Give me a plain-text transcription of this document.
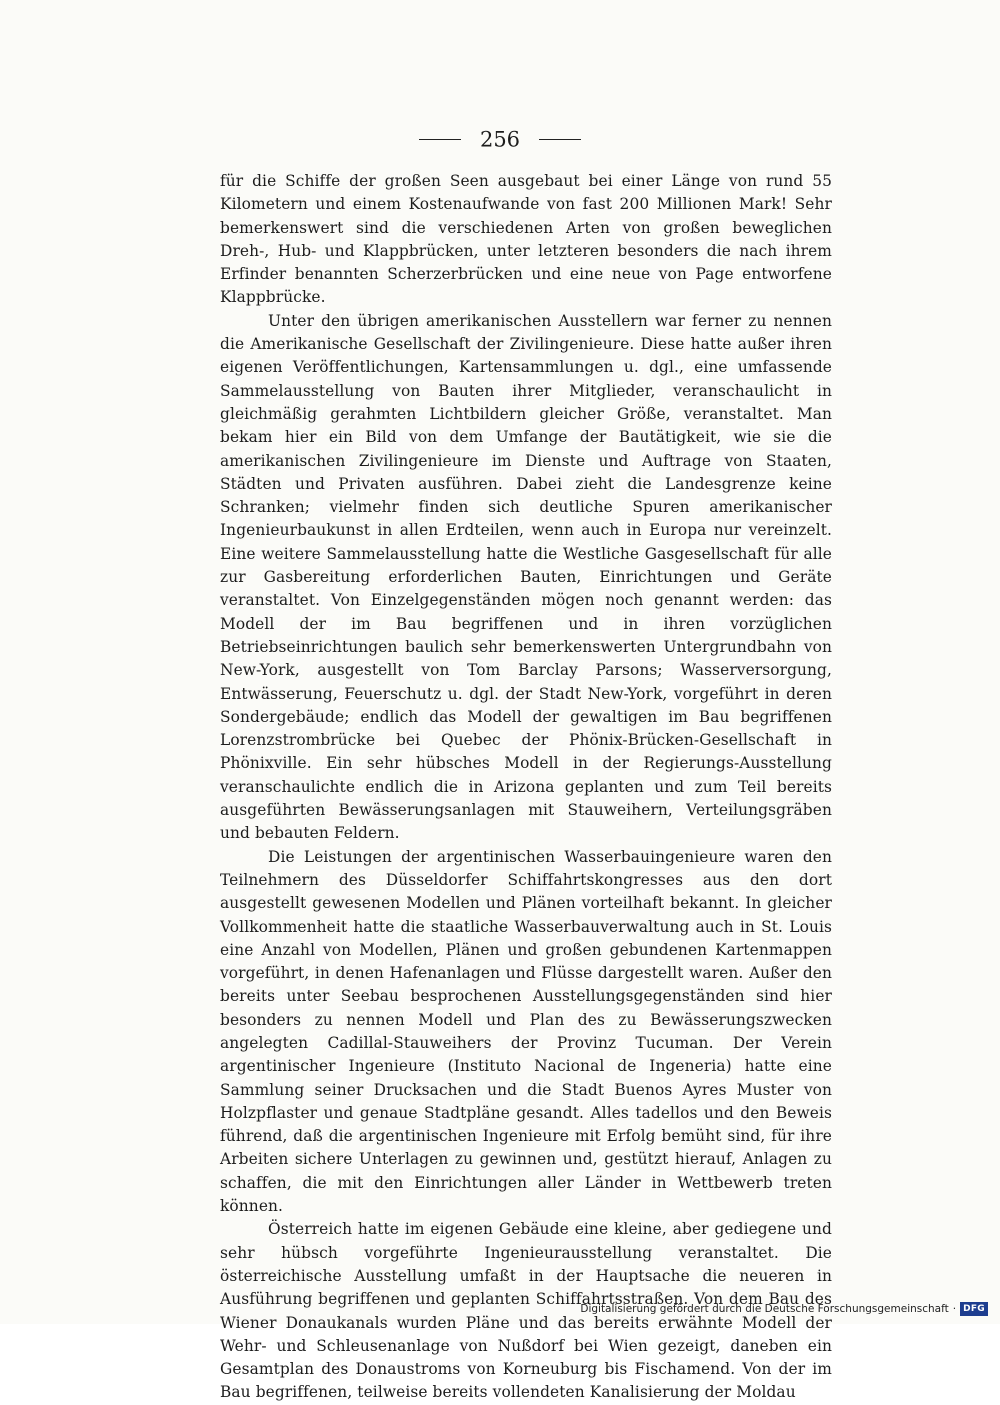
256

für die Schiffe der großen Seen ausgebaut bei einer Länge von rund 55 Kilometern und einem Kostenaufwande von fast 200 Millionen Mark! Sehr bemerkenswert sind die verschiedenen Arten von großen beweglichen Dreh-, Hub- und Klappbrücken, unter letzteren besonders die nach ihrem Erfinder benannten Scherzerbrücken und eine neue von Page entworfene Klappbrücke.

Unter den übrigen amerikanischen Ausstellern war ferner zu nennen die Amerikanische Gesellschaft der Zivilingenieure. Diese hatte außer ihren eigenen Veröffentlichungen, Kartensammlungen u. dgl., eine umfassende Sammelausstellung von Bauten ihrer Mitglieder, veranschaulicht in gleichmäßig gerahmten Lichtbildern gleicher Größe, veranstaltet. Man bekam hier ein Bild von dem Umfange der Bautätigkeit, wie sie die amerikanischen Zivilingenieure im Dienste und Auftrage von Staaten, Städten und Privaten ausführen. Dabei zieht die Landesgrenze keine Schranken; vielmehr finden sich deutliche Spuren amerikanischer Ingenieurbaukunst in allen Erdteilen, wenn auch in Europa nur vereinzelt. Eine weitere Sammelausstellung hatte die Westliche Gasgesellschaft für alle zur Gasbereitung erforderlichen Bauten, Einrichtungen und Geräte veranstaltet. Von Einzelgegenständen mögen noch genannt werden: das Modell der im Bau begriffenen und in ihren vorzüglichen Betriebseinrichtungen baulich sehr bemerkenswerten Untergrundbahn von New-York, ausgestellt von Tom Barclay Parsons; Wasserversorgung, Entwässerung, Feuerschutz u. dgl. der Stadt New-York, vorgeführt in deren Sondergebäude; endlich das Modell der gewaltigen im Bau begriffenen Lorenzstrombrücke bei Quebec der Phönix-Brücken-Gesellschaft in Phönixville. Ein sehr hübsches Modell in der Regierungs-Ausstellung veranschaulichte endlich die in Arizona geplanten und zum Teil bereits ausgeführten Bewässerungsanlagen mit Stauweihern, Verteilungsgräben und bebauten Feldern.

Die Leistungen der argentinischen Wasserbauingenieure waren den Teilnehmern des Düsseldorfer Schiffahrtskongresses aus den dort ausgestellt gewesenen Modellen und Plänen vorteilhaft bekannt. In gleicher Vollkommenheit hatte die staatliche Wasserbauverwaltung auch in St. Louis eine Anzahl von Modellen, Plänen und großen gebundenen Kartenmappen vorgeführt, in denen Hafenanlagen und Flüsse dargestellt waren. Außer den bereits unter Seebau besprochenen Ausstellungsgegenständen sind hier besonders zu nennen Modell und Plan des zu Bewässerungszwecken angelegten Cadillal-Stauweihers der Provinz Tucuman. Der Verein argentinischer Ingenieure (Instituto Nacional de Ingeneria) hatte eine Sammlung seiner Drucksachen und die Stadt Buenos Ayres Muster von Holzpflaster und genaue Stadtpläne gesandt. Alles tadellos und den Beweis führend, daß die argentinischen Ingenieure mit Erfolg bemüht sind, für ihre Arbeiten sichere Unterlagen zu gewinnen und, gestützt hierauf, Anlagen zu schaffen, die mit den Einrichtungen aller Länder in Wettbewerb treten können.

Österreich hatte im eigenen Gebäude eine kleine, aber gediegene und sehr hübsch vorgeführte Ingenieurausstellung veranstaltet. Die österreichische Ausstellung umfaßt in der Hauptsache die neueren in Ausführung begriffenen und geplanten Schiffahrtsstraßen. Von dem Bau des Wiener Donaukanals wurden Pläne und das bereits erwähnte Modell der Wehr- und Schleusenanlage von Nußdorf bei Wien gezeigt, daneben ein Gesamtplan des Donaustroms von Korneuburg bis Fischamend. Von der im Bau begriffenen, teilweise bereits vollendeten Kanalisierung der Moldau

Digitalisierung gefördert durch die Deutsche Forschungsgemeinschaft · DFG
